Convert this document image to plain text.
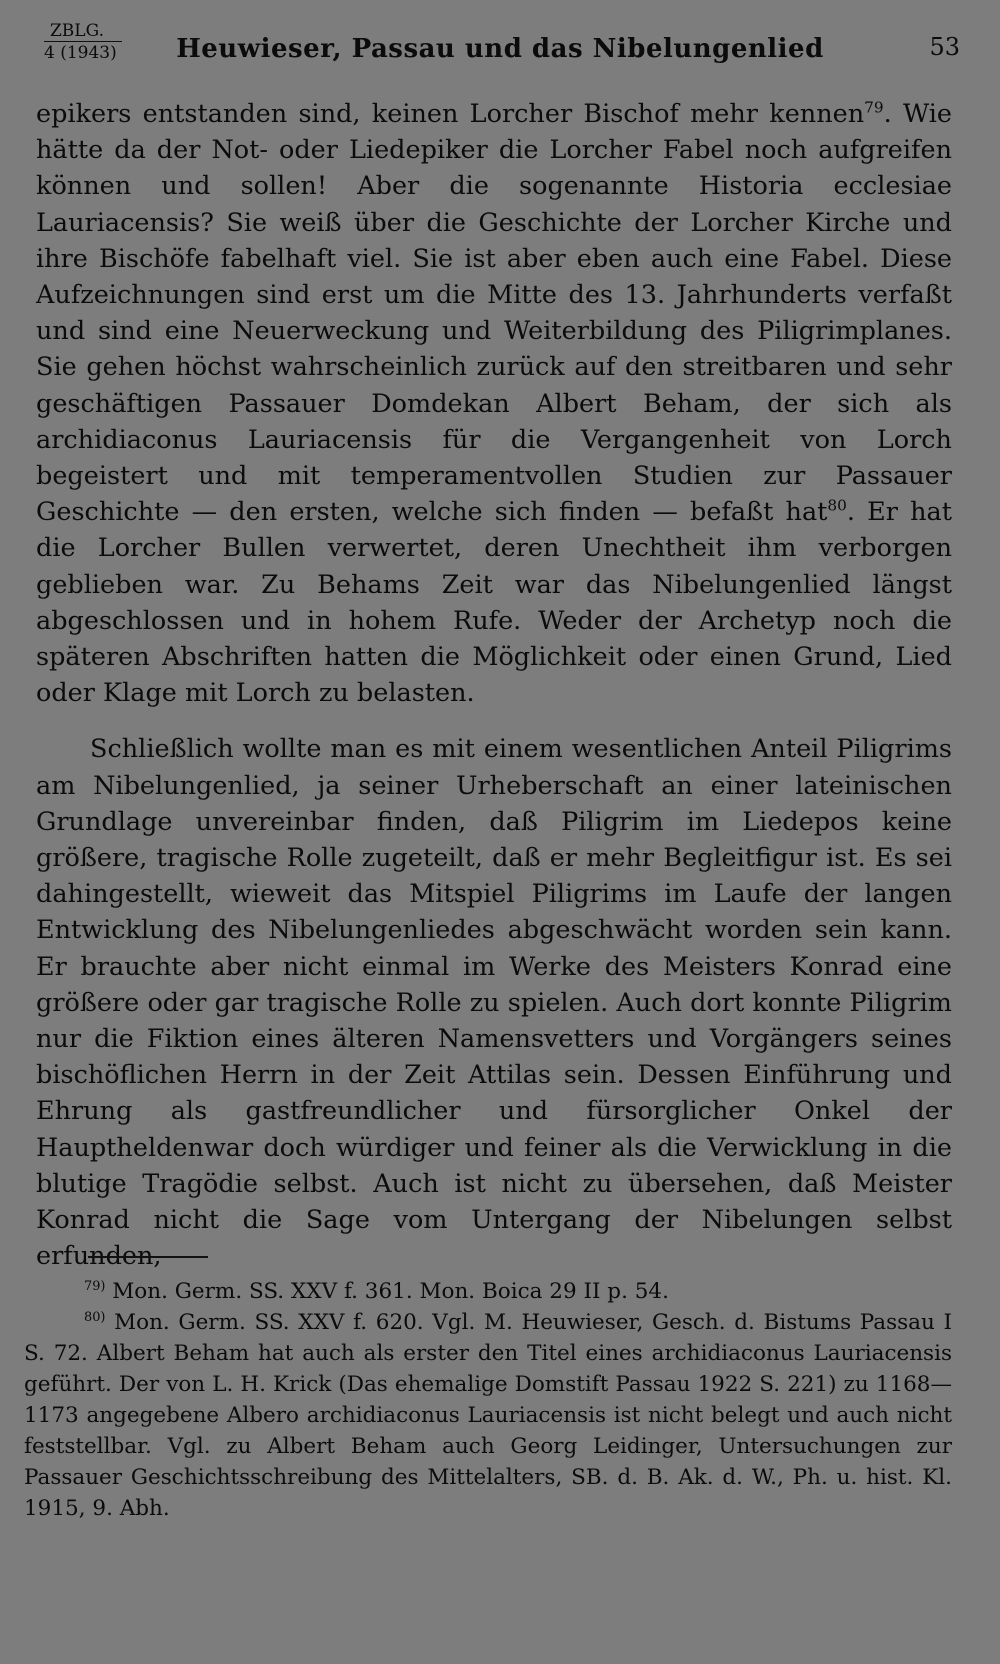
ZBLG.
4 (1943)	Heuwieser, Passau und das Nibelungenlied	53

epikers entstanden sind, keinen Lorcher Bischof mehr kennen$^{79}$. Wie hätte da der Not- oder Liedepiker die Lorcher Fabel noch aufgreifen können und sollen! Aber die sogenannte Historia ecclesiae Lauriacensis? Sie weiß über die Geschichte der Lorcher Kirche und ihre Bischöfe fabelhaft viel. Sie ist aber eben auch eine Fabel. Diese Aufzeichnungen sind erst um die Mitte des 13. Jahrhunderts verfaßt und sind eine Neuerweckung und Weiterbildung des Piligrimplanes. Sie gehen höchst wahrscheinlich zurück auf den streitbaren und sehr geschäftigen Passauer Domdekan Albert Beham, der sich als archidiaconus Lauriacensis für die Vergangenheit von Lorch begeistert und mit temperamentvollen Studien zur Passauer Geschichte — den ersten, welche sich finden — befaßt hat$^{80}$. Er hat die Lorcher Bullen verwertet, deren Unechtheit ihm verborgen geblieben war. Zu Behams Zeit war das Nibelungenlied längst abgeschlossen und in hohem Rufe. Weder der Archetyp noch die späteren Abschriften hatten die Möglichkeit oder einen Grund, Lied oder Klage mit Lorch zu belasten.

Schließlich wollte man es mit einem wesentlichen Anteil Piligrims am Nibelungenlied, ja seiner Urheberschaft an einer lateinischen Grundlage unvereinbar finden, daß Piligrim im Liedepos keine größere, tragische Rolle zugeteilt, daß er mehr Begleitfigur ist. Es sei dahingestellt, wieweit das Mitspiel Piligrims im Laufe der langen Entwicklung des Nibelungenliedes abgeschwächt worden sein kann. Er brauchte aber nicht einmal im Werke des Meisters Konrad eine größere oder gar tragische Rolle zu spielen. Auch dort konnte Piligrim nur die Fiktion eines älteren Namensvetters und Vorgängers seines bischöflichen Herrn in der Zeit Attilas sein. Dessen Einführung und Ehrung als gastfreundlicher und fürsorglicher Onkel der Hauptheldenwar doch würdiger und feiner als die Verwicklung in die blutige Tragödie selbst. Auch ist nicht zu übersehen, daß Meister Konrad nicht die Sage vom Untergang der Nibelungen selbst erfunden,

$^{79)}$ Mon. Germ. SS. XXV f. 361. Mon. Boica 29 II p. 54.

$^{80)}$ Mon. Germ. SS. XXV f. 620. Vgl. M. Heuwieser, Gesch. d. Bistums Passau I S. 72. Albert Beham hat auch als erster den Titel eines archidiaconus Lauriacensis geführt. Der von L. H. Krick (Das ehemalige Domstift Passau 1922 S. 221) zu 1168—1173 angegebene Albero archidiaconus Lauriacensis ist nicht belegt und auch nicht feststellbar. Vgl. zu Albert Beham auch Georg Leidinger, Untersuchungen zur Passauer Geschichtsschreibung des Mittelalters, SB. d. B. Ak. d. W., Ph. u. hist. Kl. 1915, 9. Abh.
